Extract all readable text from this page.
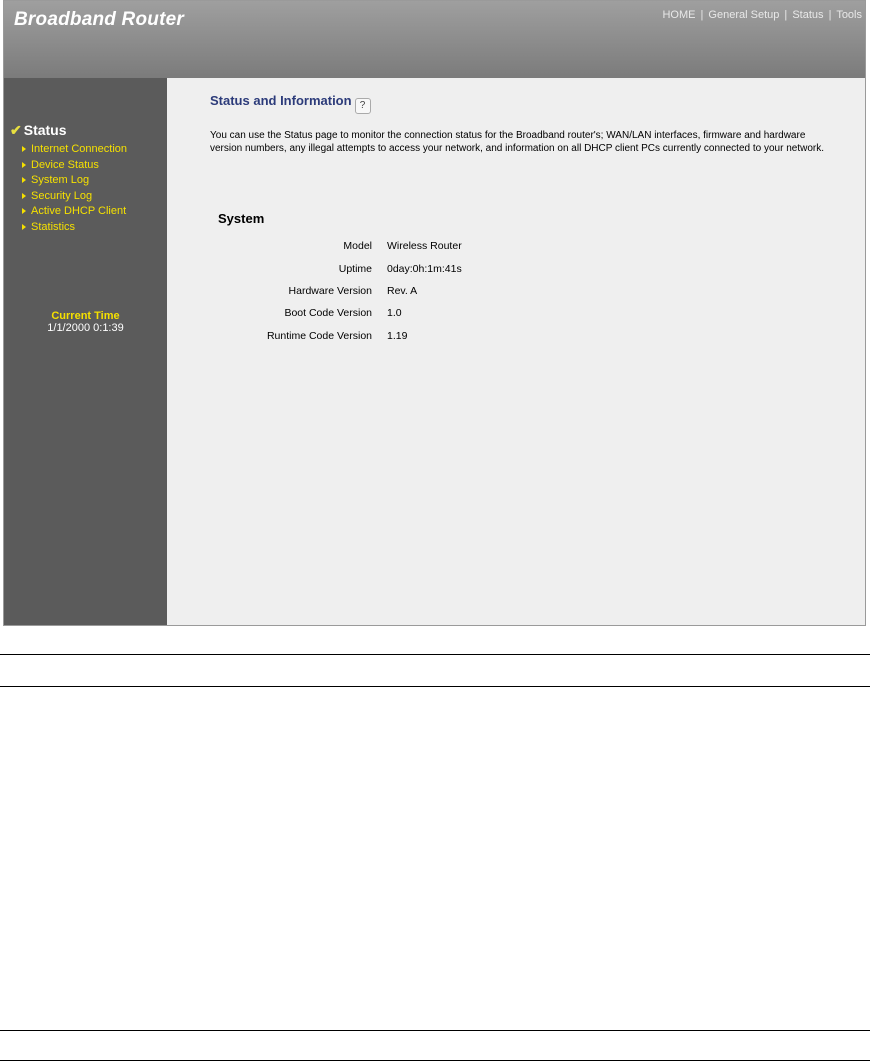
Broadband Router	HOME | General Setup | Status | Tools
✔ Status
Internet Connection
Device Status
System Log
Security Log
Active DHCP Client
Statistics
Current Time
1/1/2000 0:1:39
Status and Information ?
You can use the Status page to monitor the connection status for the Broadband router's; WAN/LAN interfaces, firmware and hardware version numbers, any illegal attempts to access your network, and information on all DHCP client PCs currently connected to your network.
System
Model	Wireless Router
Uptime	0day:0h:1m:41s
Hardware Version	Rev. A
Boot Code Version	1.0
Runtime Code Version	1.19
